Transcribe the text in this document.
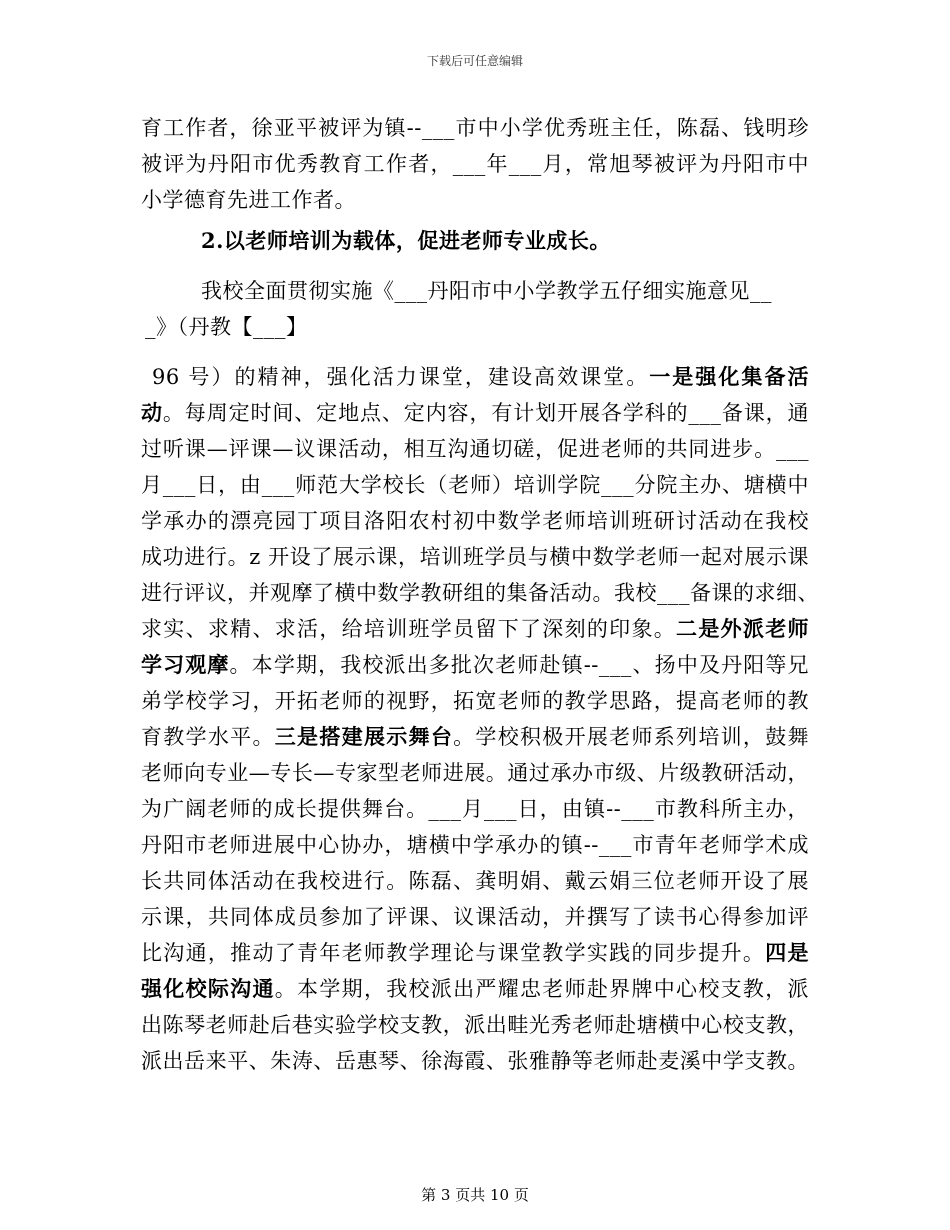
下载后可任意编辑
育工作者，徐亚平被评为镇--___市中小学优秀班主任，陈磊、钱明珍
被评为丹阳市优秀教育工作者，___年___月，常旭琴被评为丹阳市中
小学德育先进工作者。
2.以老师培训为载体，促进老师专业成长。
我校全面贯彻实施《___丹阳市中小学教学五仔细实施意见__
_》（丹教【___】
96 号）的精神，强化活力课堂，建设高效课堂。一是强化集备活
动。每周定时间、定地点、定内容，有计划开展各学科的___备课，通
过听课—评课—议课活动，相互沟通切磋，促进老师的共同进步。___
月___日，由___师范大学校长（老师）培训学院___分院主办、塘横中
学承办的漂亮园丁项目洛阳农村初中数学老师培训班研讨活动在我校
成功进行。z 开设了展示课，培训班学员与横中数学老师一起对展示课
进行评议，并观摩了横中数学教研组的集备活动。我校___备课的求细、
求实、求精、求活，给培训班学员留下了深刻的印象。二是外派老师
学习观摩。本学期，我校派出多批次老师赴镇--___、扬中及丹阳等兄
弟学校学习，开拓老师的视野，拓宽老师的教学思路，提高老师的教
育教学水平。三是搭建展示舞台。学校积极开展老师系列培训，鼓舞
老师向专业—专长—专家型老师进展。通过承办市级、片级教研活动，
为广阔老师的成长提供舞台。___月___日，由镇--___市教科所主办，
丹阳市老师进展中心协办，塘横中学承办的镇--___市青年老师学术成
长共同体活动在我校进行。陈磊、龚明娟、戴云娟三位老师开设了展
示课，共同体成员参加了评课、议课活动，并撰写了读书心得参加评
比沟通，推动了青年老师教学理论与课堂教学实践的同步提升。四是
强化校际沟通。本学期，我校派出严耀忠老师赴界牌中心校支教，派
出陈琴老师赴后巷实验学校支教，派出畦光秀老师赴塘横中心校支教，
派出岳来平、朱涛、岳惠琴、徐海霞、张雅静等老师赴麦溪中学支教。
第 3 页共 10 页
